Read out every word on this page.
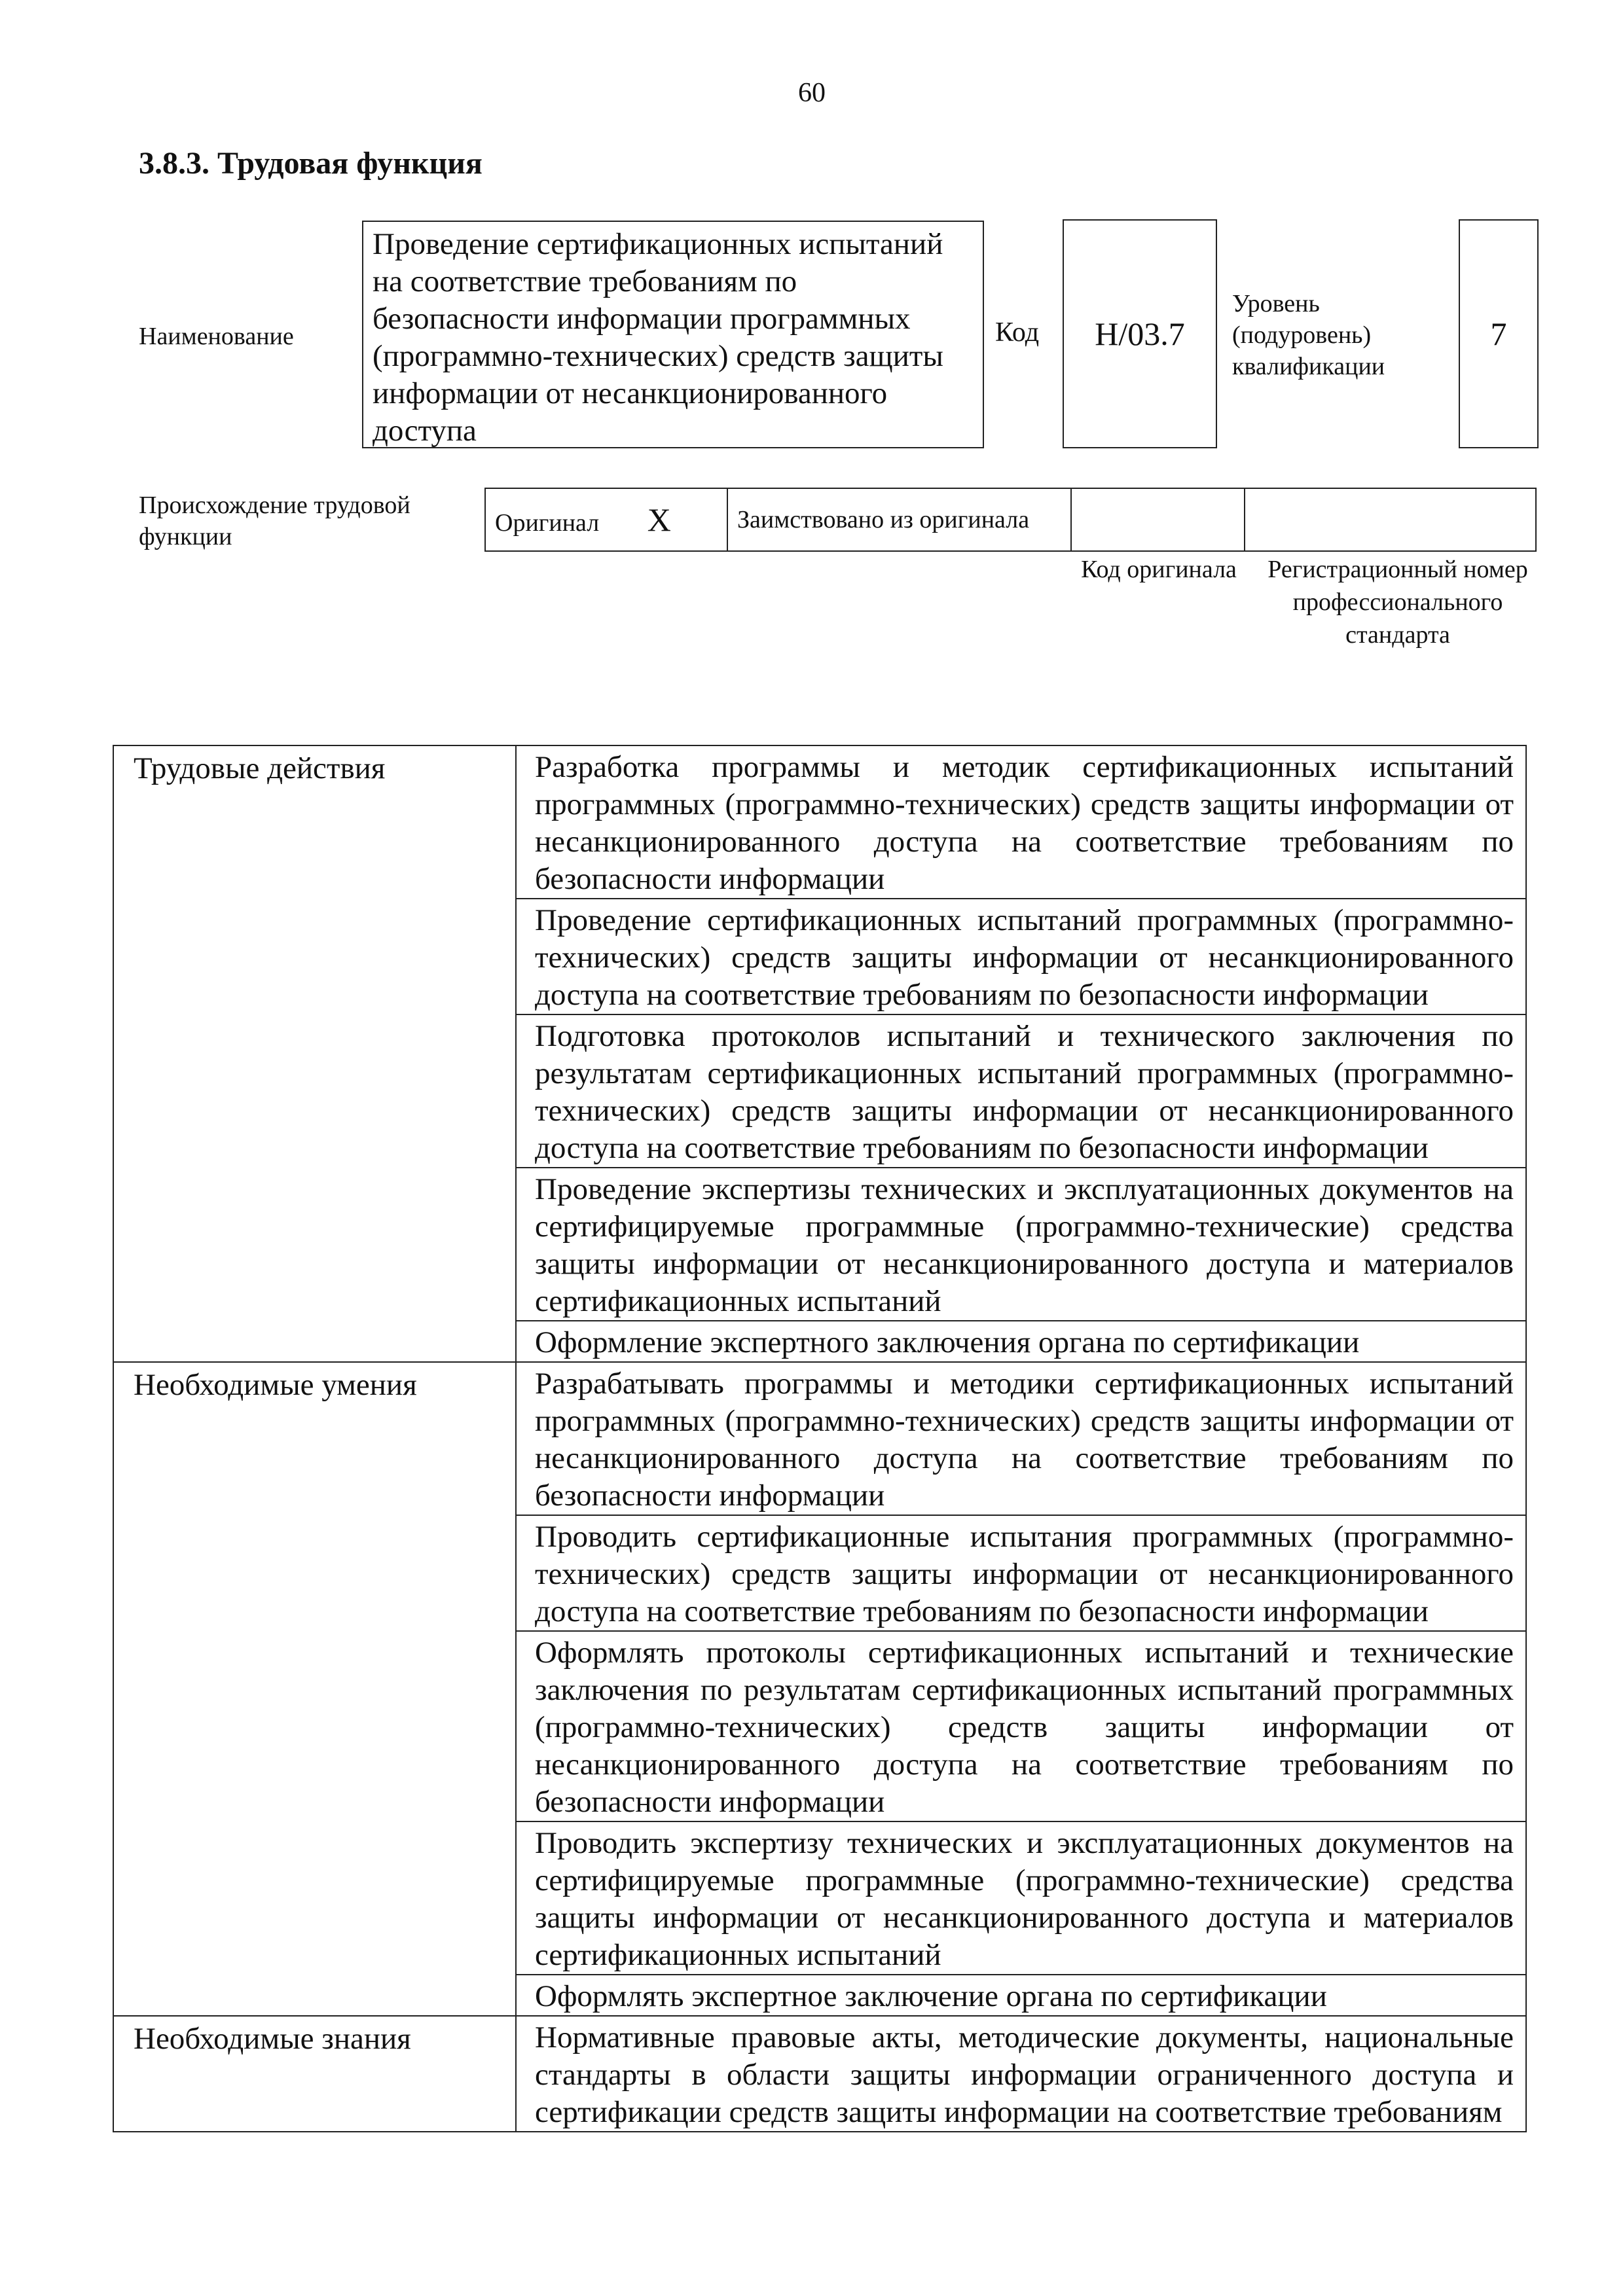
60
3.8.3. Трудовая функция
Наименование
Проведение сертификационных испытаний на соответствие требованиям по безопасности информации программных (программно-технических) средств защиты информации от несанкционированного доступа
Код H/03.7
Уровень (подуровень) квалификации
7
Происхождение трудовой функции	Оригинал X	Заимствовано из оригинала		
Код оригинала	Регистрационный номер профессионального стандарта
Трудовые действия	Разработка программы и методик сертификационных испытаний программных (программно-технических) средств защиты информации от несанкционированного доступа на соответствие требованиям по безопасности информации
	Проведение сертификационных испытаний программных (программно-технических) средств защиты информации от несанкционированного доступа на соответствие требованиям по безопасности информации
	Подготовка протоколов испытаний и технического заключения по результатам сертификационных испытаний программных (программно-технических) средств защиты информации от несанкционированного доступа на соответствие требованиям по безопасности информации
	Проведение экспертизы технических и эксплуатационных документов на сертифицируемые программные (программно-технические) средства защиты информации от несанкционированного доступа и материалов сертификационных испытаний
	Оформление экспертного заключения органа по сертификации
Необходимые умения	Разрабатывать программы и методики сертификационных испытаний программных (программно-технических) средств защиты информации от несанкционированного доступа на соответствие требованиям по безопасности информации
	Проводить сертификационные испытания программных (программно-технических) средств защиты информации от несанкционированного доступа на соответствие требованиям по безопасности информации
	Оформлять протоколы сертификационных испытаний и технические заключения по результатам сертификационных испытаний программных (программно-технических) средств защиты информации от несанкционированного доступа на соответствие требованиям по безопасности информации
	Проводить экспертизу технических и эксплуатационных документов на сертифицируемые программные (программно-технические) средства защиты информации от несанкционированного доступа и материалов сертификационных испытаний
	Оформлять экспертное заключение органа по сертификации
Необходимые знания	Нормативные правовые акты, методические документы, национальные стандарты в области защиты информации ограниченного доступа и сертификации средств защиты информации на соответствие требованиям
